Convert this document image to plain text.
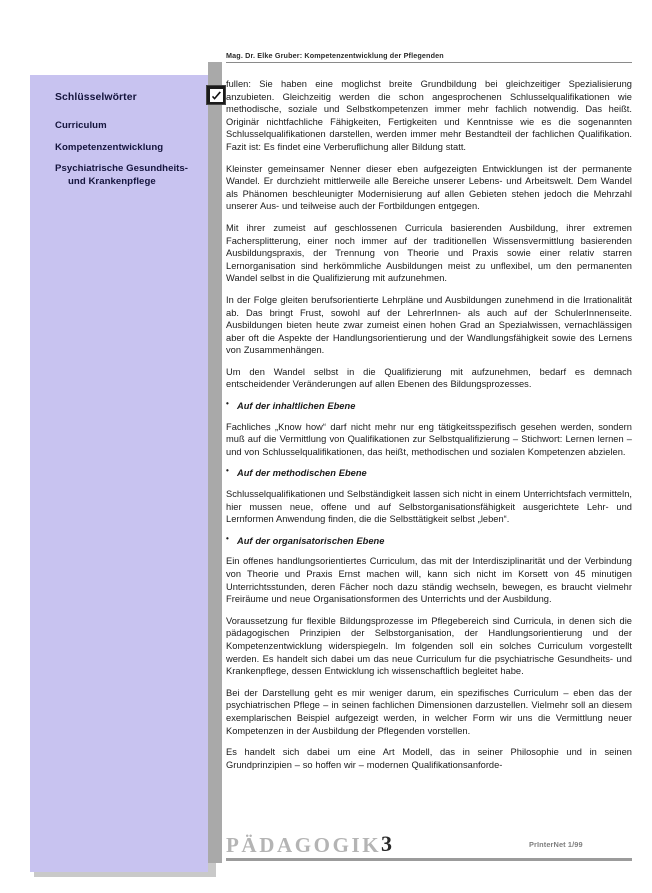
Mag. Dr. Elke Gruber: Kompetenzentwicklung der Pflegenden
Schlüsselwörter
Curriculum
Kompetenzentwicklung
Psychiatrische Gesundheits-
und Krankenpflege

fullen: Sie haben eine moglichst breite Grundbildung bei gleichzeitiger Spezialisierung anzubieten. Gleichzeitig werden die schon angesprochenen Schlusselqualifikationen wie methodische, soziale und Selbstkompetenzen immer mehr fachlich notwendig. Das heißt. Originär nichtfachliche Fähigkeiten, Fertigkeiten und Kenntnisse wie es die sogenannten Schlusselqualifikationen darstellen, werden immer mehr Bestandteil der fachlichen Qualifikation. Fazit ist: Es findet eine Verberuflichung aller Bildung statt.

Kleinster gemeinsamer Nenner dieser eben aufgezeigten Entwicklungen ist der permanente Wandel. Er durchzieht mittlerweile alle Bereiche unserer Lebens- und Arbeitswelt. Dem Wandel als Phänomen beschleunigter Modernisierung auf allen Gebieten stehen jedoch die Mehrzahl unserer Aus- und teilweise auch der Fortbildungen entgegen.

Mit ihrer zumeist auf geschlossenen Curricula basierenden Ausbildung, ihrer extremen Fachersplitterung, einer noch immer auf der traditionellen Wissensvermittlung basierenden Ausbildungspraxis, der Trennung von Theorie und Praxis sowie einer relativ starren Lernorganisation sind herkömmliche Ausbildungen meist zu unflexibel, um den permanenten Wandel selbst in die Qualifizierung mit aufzunehmen.

In der Folge gleiten berufsorientierte Lehrpläne und Ausbildungen zunehmend in die Irrationalität ab. Das bringt Frust, sowohl auf der LehrerInnen- als auch auf der SchulerInnenseite. Ausbildungen bieten heute zwar zumeist einen hohen Grad an Spezialwissen, vernachlässigen aber oft die Aspekte der Handlungsorientierung und der Wandlungsfähigkeit sowie des Lernens von Zusammenhängen.

Um den Wandel selbst in die Qualifizierung mit aufzunehmen, bedarf es demnach entscheidender Veränderungen auf allen Ebenen des Bildungsprozesses.

• Auf der inhaltlichen Ebene

Fachliches „Know how“ darf nicht mehr nur eng tätigkeitsspezifisch gesehen werden, sondern muß auf die Vermittlung von Qualifikationen zur Selbstqualifizierung – Stichwort: Lernen lernen – und von Schlusselqualifikationen, das heißt, methodischen und sozialen Kompetenzen abzielen.

• Auf der methodischen Ebene

Schlusselqualifikationen und Selbständigkeit lassen sich nicht in einem Unterrichtsfach vermitteln, hier mussen neue, offene und auf Selbstorganisationsfähigkeit ausgerichtete Lehr- und Lernformen Anwendung finden, die die Selbsttätigkeit selbst „leben“.

• Auf der organisatorischen Ebene

Ein offenes handlungsorientiertes Curriculum, das mit der Interdisziplinarität und der Verbindung von Theorie und Praxis Ernst machen will, kann sich nicht im Korsett von 45 minutigen Unterrichtsstunden, deren Fächer noch dazu ständig wechseln, bewegen, es braucht vielmehr Freiräume und neue Organisationsformen des Unterrichts und der Ausbildung.

Voraussetzung fur flexible Bildungsprozesse im Pflegebereich sind Curricula, in denen sich die pädagogischen Prinzipien der Selbstorganisation, der Handlungsorientierung und der Kompetenzentwicklung widerspiegeln. Im folgenden soll ein solches Curriculum vorgestellt werden. Es handelt sich dabei um das neue Curriculum fur die psychiatrische Gesundheits- und Krankenpflege, dessen Entwicklung ich wissenschaftlich begleitet habe.

Bei der Darstellung geht es mir weniger darum, ein spezifisches Curriculum – eben das der psychiatrischen Pflege – in seinen fachlichen Dimensionen darzustellen. Vielmehr soll an diesem exemplarischen Beispiel aufgezeigt werden, in welcher Form wir uns die Vermittlung neuer Kompetenzen in der Ausbildung der Pflegenden vorstellen.

Es handelt sich dabei um eine Art Modell, das in seiner Philosophie und in seinen Grundprinzipien – so hoffen wir – modernen Qualifikationsanforde-

PÄDAGOGIK 3	PrInterNet 1/99
